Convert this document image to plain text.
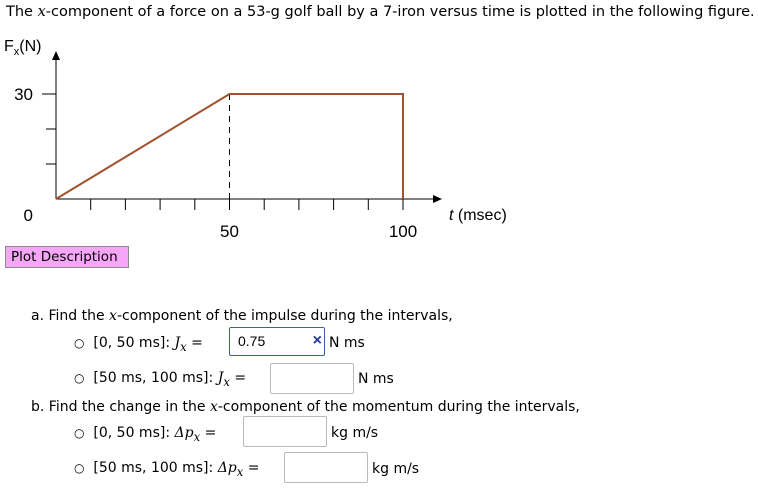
The x-component of a force on a 53-g golf ball by a 7-iron versus time is plotted in the following figure.
$F_x(N)$
50	100
0
30
t (msec)
Plot Description
a. Find the x-component of the impulse during the intervals,
○ [0, 50 ms]: $J_x$ =	0.75	× N ms
○ [50 ms, 100 ms]: $J_x$ =	N ms
b. Find the change in the x-component of the momentum during the intervals,
○ [0, 50 ms]: $\Delta p_x$ =	kg m/s
○ [50 ms, 100 ms]: $\Delta p_x$ =	kg m/s
